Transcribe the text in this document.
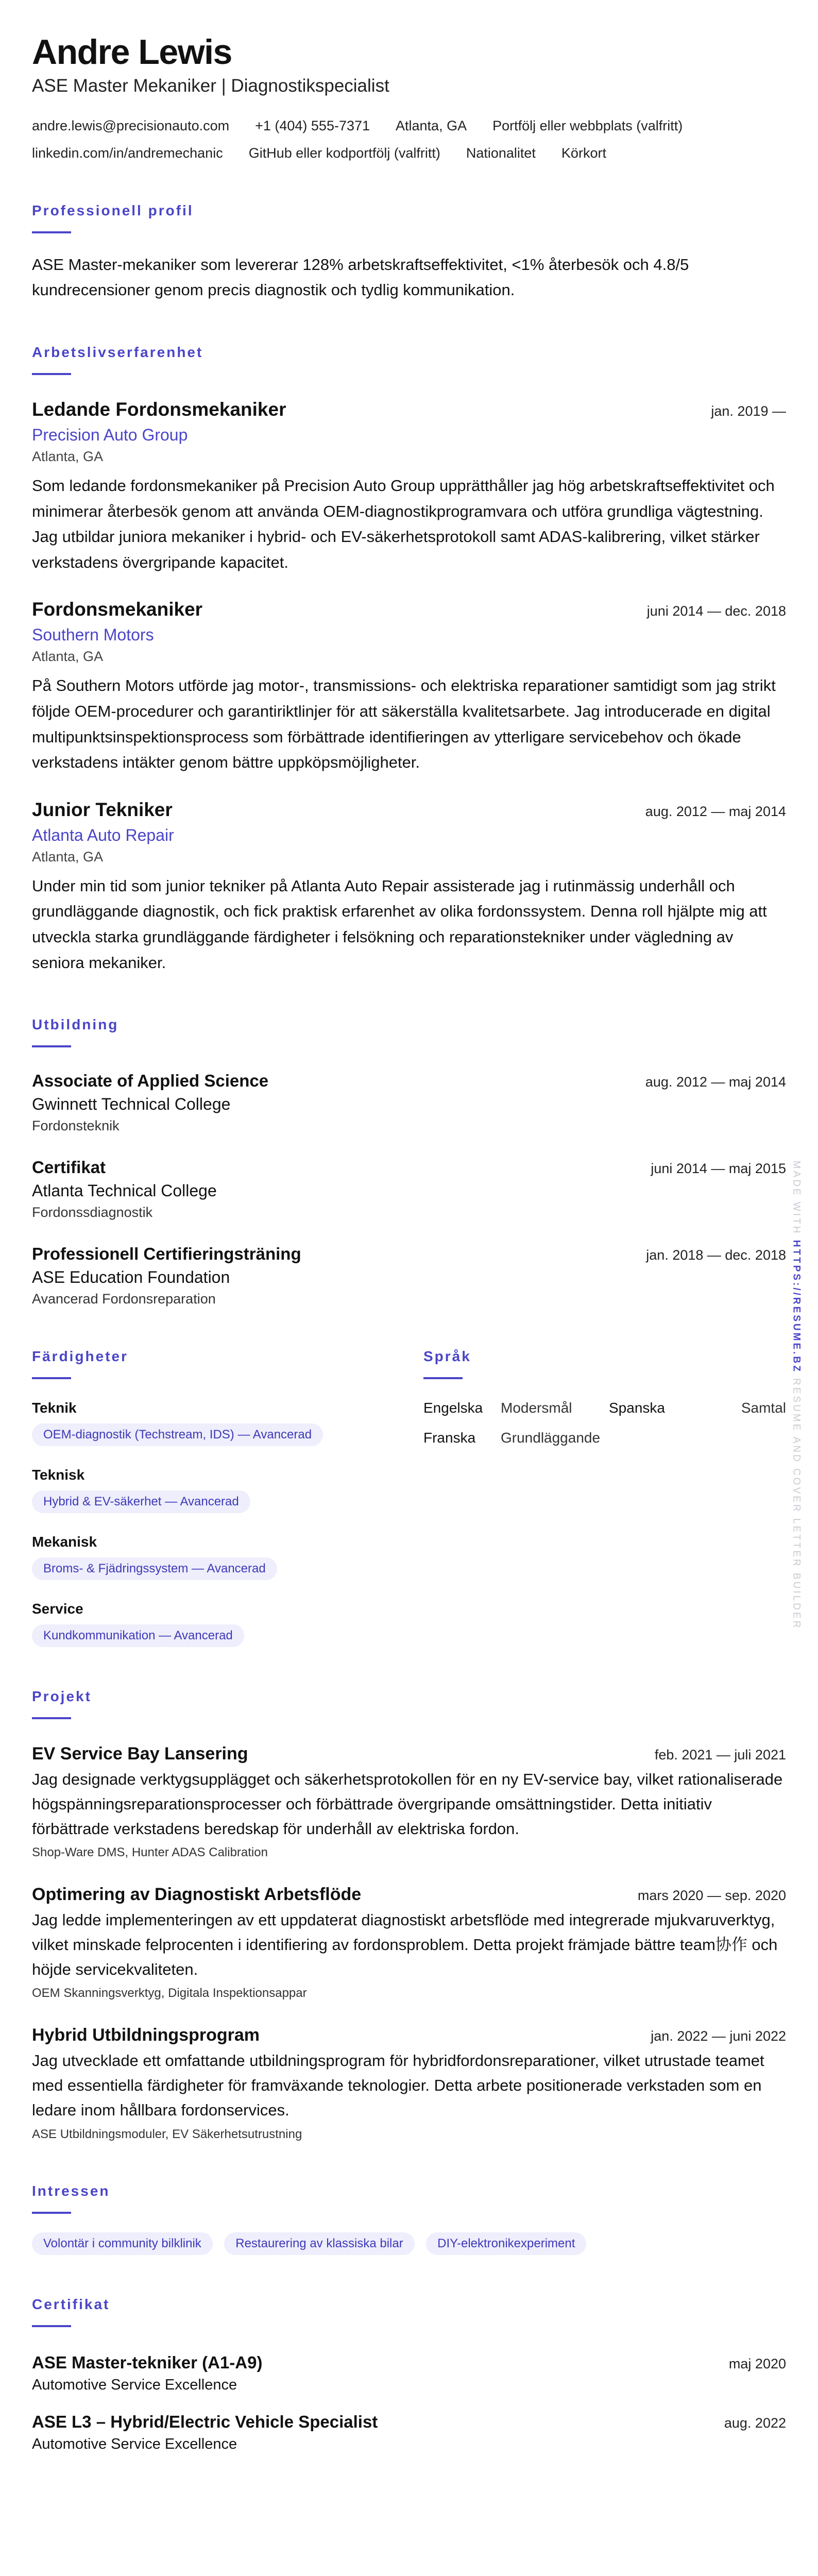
Andre Lewis
ASE Master Mekaniker | Diagnostikspecialist
andre.lewis@precisionauto.com +1 (404) 555-7371 Atlanta, GA Portfölj eller webbplats (valfritt)
linkedin.com/in/andremechanic GitHub eller kodportfölj (valfritt) Nationalitet Körkort
Professionell profil
ASE Master-mekaniker som levererar 128% arbetskraftseffektivitet, <1% återbesök och 4.8/5 kundrecensioner genom precis diagnostik och tydlig kommunikation.
Arbetslivserfarenhet
Ledande Fordonsmekaniker	jan. 2019 —
Precision Auto Group
Atlanta, GA
Som ledande fordonsmekaniker på Precision Auto Group upprätthåller jag hög arbetskraftseffektivitet och minimerar återbesök genom att använda OEM-diagnostikprogramvara och utföra grundliga vägtestning. Jag utbildar juniora mekaniker i hybrid- och EV-säkerhetsprotokoll samt ADAS-kalibrering, vilket stärker verkstadens övergripande kapacitet.
Fordonsmekaniker	juni 2014 — dec. 2018
Southern Motors
Atlanta, GA
På Southern Motors utförde jag motor-, transmissions- och elektriska reparationer samtidigt som jag strikt följde OEM-procedurer och garantiriktlinjer för att säkerställa kvalitetsarbete. Jag introducerade en digital multipunktsinspektionsprocess som förbättrade identifieringen av ytterligare servicebehov och ökade verkstadens intäkter genom bättre uppköpsmöjligheter.
Junior Tekniker	aug. 2012 — maj 2014
Atlanta Auto Repair
Atlanta, GA
Under min tid som junior tekniker på Atlanta Auto Repair assisterade jag i rutinmässig underhåll och grundläggande diagnostik, och fick praktisk erfarenhet av olika fordonssystem. Denna roll hjälpte mig att utveckla starka grundläggande färdigheter i felsökning och reparationstekniker under vägledning av seniora mekaniker.
Utbildning
Associate of Applied Science	aug. 2012 — maj 2014
Gwinnett Technical College
Fordonsteknik
Certifikat	juni 2014 — maj 2015
Atlanta Technical College
Fordonssdiagnostik
Professionell Certifieringsträning	jan. 2018 — dec. 2018
ASE Education Foundation
Avancerad Fordonsreparation
Färdigheter
Teknik
OEM-diagnostik (Techstream, IDS) — Avancerad
Teknisk
Hybrid & EV-säkerhet — Avancerad
Mekanisk
Broms- & Fjädringssystem — Avancerad
Service
Kundkommunikation — Avancerad
Språk
Engelska	Modersmål	Spanska	Samtal
Franska	Grundläggande
Projekt
EV Service Bay Lansering	feb. 2021 — juli 2021
Jag designade verktygsupplägget och säkerhetsprotokollen för en ny EV-service bay, vilket rationaliserade högspänningsreparationsprocesser och förbättrade övergripande omsättningstider. Detta initiativ förbättrade verkstadens beredskap för underhåll av elektriska fordon.
Shop-Ware DMS, Hunter ADAS Calibration
Optimering av Diagnostiskt Arbetsflöde	mars 2020 — sep. 2020
Jag ledde implementeringen av ett uppdaterat diagnostiskt arbetsflöde med integrerade mjukvaruverktyg, vilket minskade felprocenten i identifiering av fordonsproblem. Detta projekt främjade bättre team协作 och höjde servicekvaliteten.
OEM Skanningsverktyg, Digitala Inspektionsappar
Hybrid Utbildningsprogram	jan. 2022 — juni 2022
Jag utvecklade ett omfattande utbildningsprogram för hybridfordonsreparationer, vilket utrustade teamet med essentiella färdigheter för framväxande teknologier. Detta arbete positionerade verkstaden som en ledare inom hållbara fordonservices.
ASE Utbildningsmoduler, EV Säkerhetsutrustning
Intressen
Volontär i community bilklinik	Restaurering av klassiska bilar	DIY-elektronikexperiment
Certifikat
ASE Master-tekniker (A1-A9)	maj 2020
Automotive Service Excellence
ASE L3 – Hybrid/Electric Vehicle Specialist	aug. 2022
Automotive Service Excellence
MADE WITH HTTPS://RESUME.BZ RESUME AND COVER LETTER BUILDER
